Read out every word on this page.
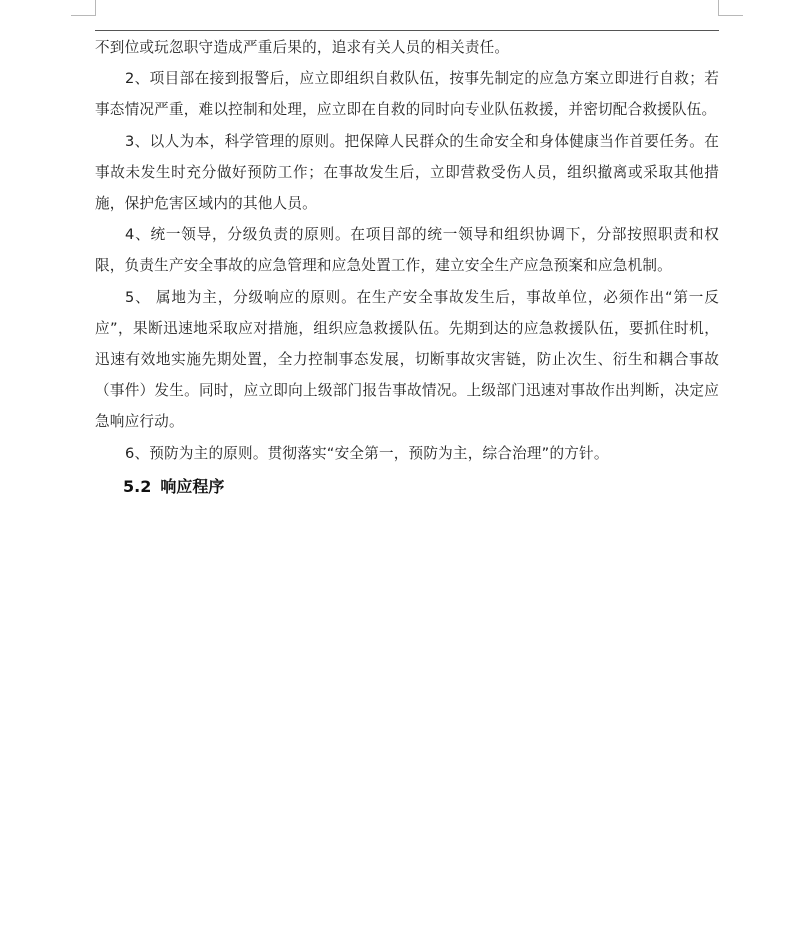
不到位或玩忽职守造成严重后果的，追求有关人员的相关责任。

2、项目部在接到报警后，应立即组织自救队伍，按事先制定的应急方案立即进行自救；若事态情况严重，难以控制和处理，应立即在自救的同时向专业队伍救援，并密切配合救援队伍。

3、以人为本，科学管理的原则。把保障人民群众的生命安全和身体健康当作首要任务。在事故未发生时充分做好预防工作；在事故发生后，立即营救受伤人员，组织撤离或采取其他措施，保护危害区域内的其他人员。

4、统一领导，分级负责的原则。在项目部的统一领导和组织协调下，分部按照职责和权限，负责生产安全事故的应急管理和应急处置工作，建立安全生产应急预案和应急机制。

5、 属地为主，分级响应的原则。在生产安全事故发生后，事故单位，必须作出“第一反应”，果断迅速地采取应对措施，组织应急救援队伍。先期到达的应急救援队伍，要抓住时机，迅速有效地实施先期处置，全力控制事态发展，切断事故灾害链，防止次生、衍生和耦合事故（事件）发生。同时，应立即向上级部门报告事故情况。上级部门迅速对事故作出判断，决定应急响应行动。

6、预防为主的原则。贯彻落实“安全第一，预防为主，综合治理”的方针。

5.2 响应程序
